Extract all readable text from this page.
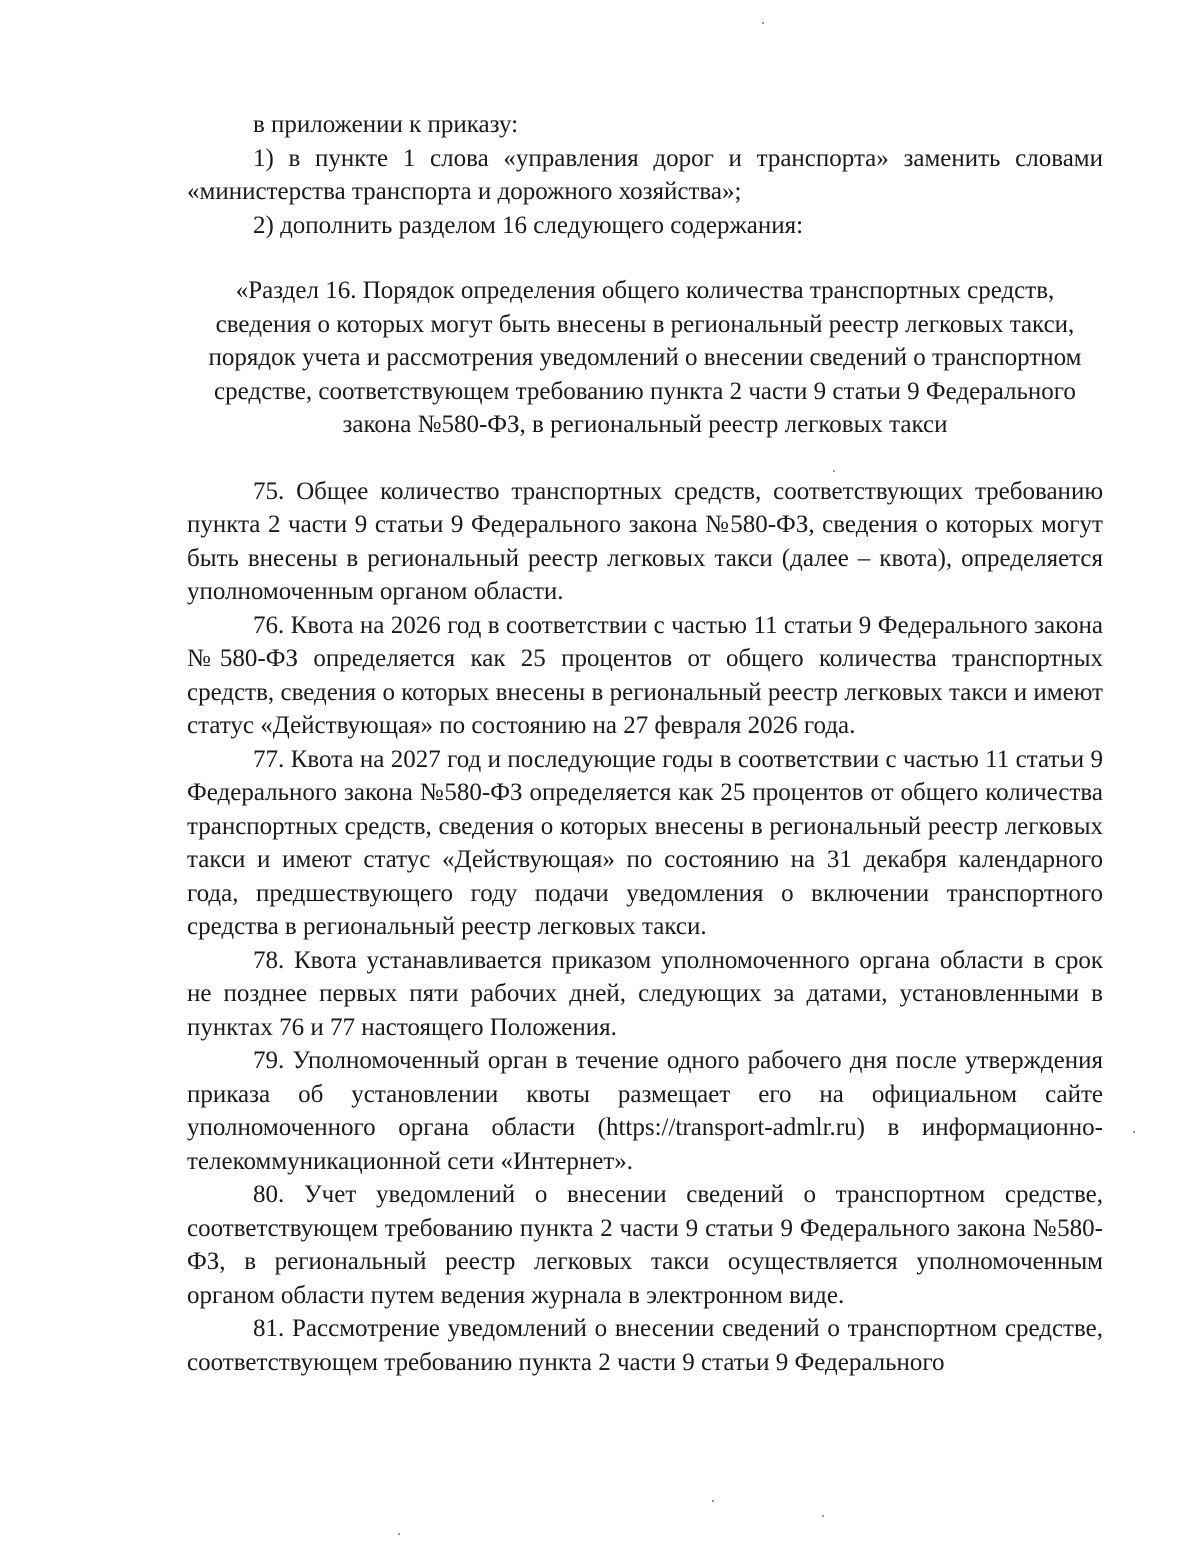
в приложении к приказу:

1) в пункте 1 слова «управления дорог и транспорта» заменить словами «министерства транспорта и дорожного хозяйства»;

2) дополнить разделом 16 следующего содержания:

«Раздел 16. Порядок определения общего количества транспортных средств,
сведения о которых могут быть внесены в региональный реестр легковых такси,
порядок учета и рассмотрения уведомлений о внесении сведений о транспортном
средстве, соответствующем требованию пункта 2 части 9 статьи 9 Федерального
закона №580-ФЗ, в региональный реестр легковых такси

75. Общее количество транспортных средств, соответствующих требованию пункта 2 части 9 статьи 9 Федерального закона №580-ФЗ, сведения о которых могут быть внесены в региональный реестр легковых такси (далее – квота), определяется уполномоченным органом области.

76. Квота на 2026 год в соответствии с частью 11 статьи 9 Федерального закона №580-ФЗ определяется как 25 процентов от общего количества транспортных средств, сведения о которых внесены в региональный реестр легковых такси и имеют статус «Действующая» по состоянию на 27 февраля 2026 года.

77. Квота на 2027 год и последующие годы в соответствии с частью 11 статьи 9 Федерального закона №580-ФЗ определяется как 25 процентов от общего количества транспортных средств, сведения о которых внесены в региональный реестр легковых такси и имеют статус «Действующая» по состоянию на 31 декабря календарного года, предшествующего году подачи уведомления о включении транспортного средства в региональный реестр легковых такси.

78. Квота устанавливается приказом уполномоченного органа области в срок не позднее первых пяти рабочих дней, следующих за датами, установленными в пунктах 76 и 77 настоящего Положения.

79. Уполномоченный орган в течение одного рабочего дня после утверждения приказа об установлении квоты размещает его на официальном сайте уполномоченного органа области (https://transport-admlr.ru) в информационно-телекоммуникационной сети «Интернет».

80. Учет уведомлений о внесении сведений о транспортном средстве, соответствующем требованию пункта 2 части 9 статьи 9 Федерального закона №580-ФЗ, в региональный реестр легковых такси осуществляется уполномоченным органом области путем ведения журнала в электронном виде.

81. Рассмотрение уведомлений о внесении сведений о транспортном средстве, соответствующем требованию пункта 2 части 9 статьи 9 Федерального
